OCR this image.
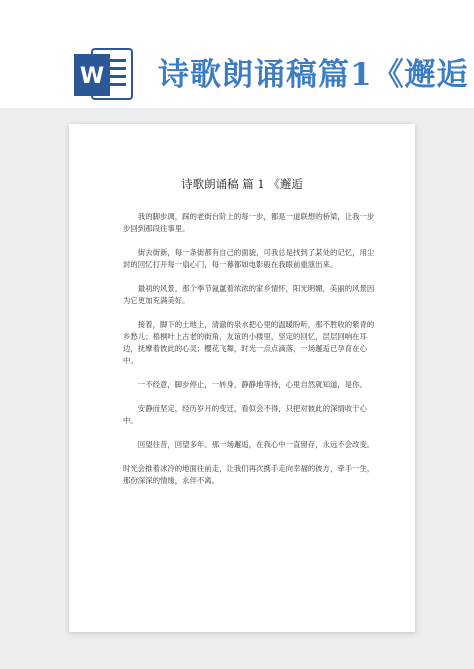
W 诗歌朗诵稿篇1《邂逅
诗歌朗诵稿 篇 1 《邂逅

我的脚步调，踩的老街台阶上的每一步，都是一道联想的桥梁，让我一步步回到那段往事里。

街去街新，每一条街都有自己的面貌，可我总是找到了某处的记忆，用尘封的回忆打开每一扇心门，每一幕都如电影般在我眼前重演出来。

最初的风景，那个季节氤氲着浓浓的家乡情怀，阳光明媚，美丽的风景因为它更加充满美好。

接着，脚下的土地上，清澈的泉水把心里的温暖盼听，那不胜收的紫青的乡愁儿；梧桐叶上古老的街角，友谊的小楼里，坚定的回忆，层层回响在耳边，抚摩着彼此的心灵；樱花飞舞，时光一点点滴落，一场邂逅已孕育在心中。

一不经意，脚步停止，一转身，静静地等待，心里自然就知道，是你。

安静而坚定，经历岁月的变迁，看似会不得，只把对彼此的深情收于心中。

回望往昔，回望多年。那一场邂逅，在我心中一直留存，永远不会改变。

时光会推着冰冷的地面往前走，让我们再次携手走向幸福的彼方，牵手一生，那份深深的情缘，永伴不离。
